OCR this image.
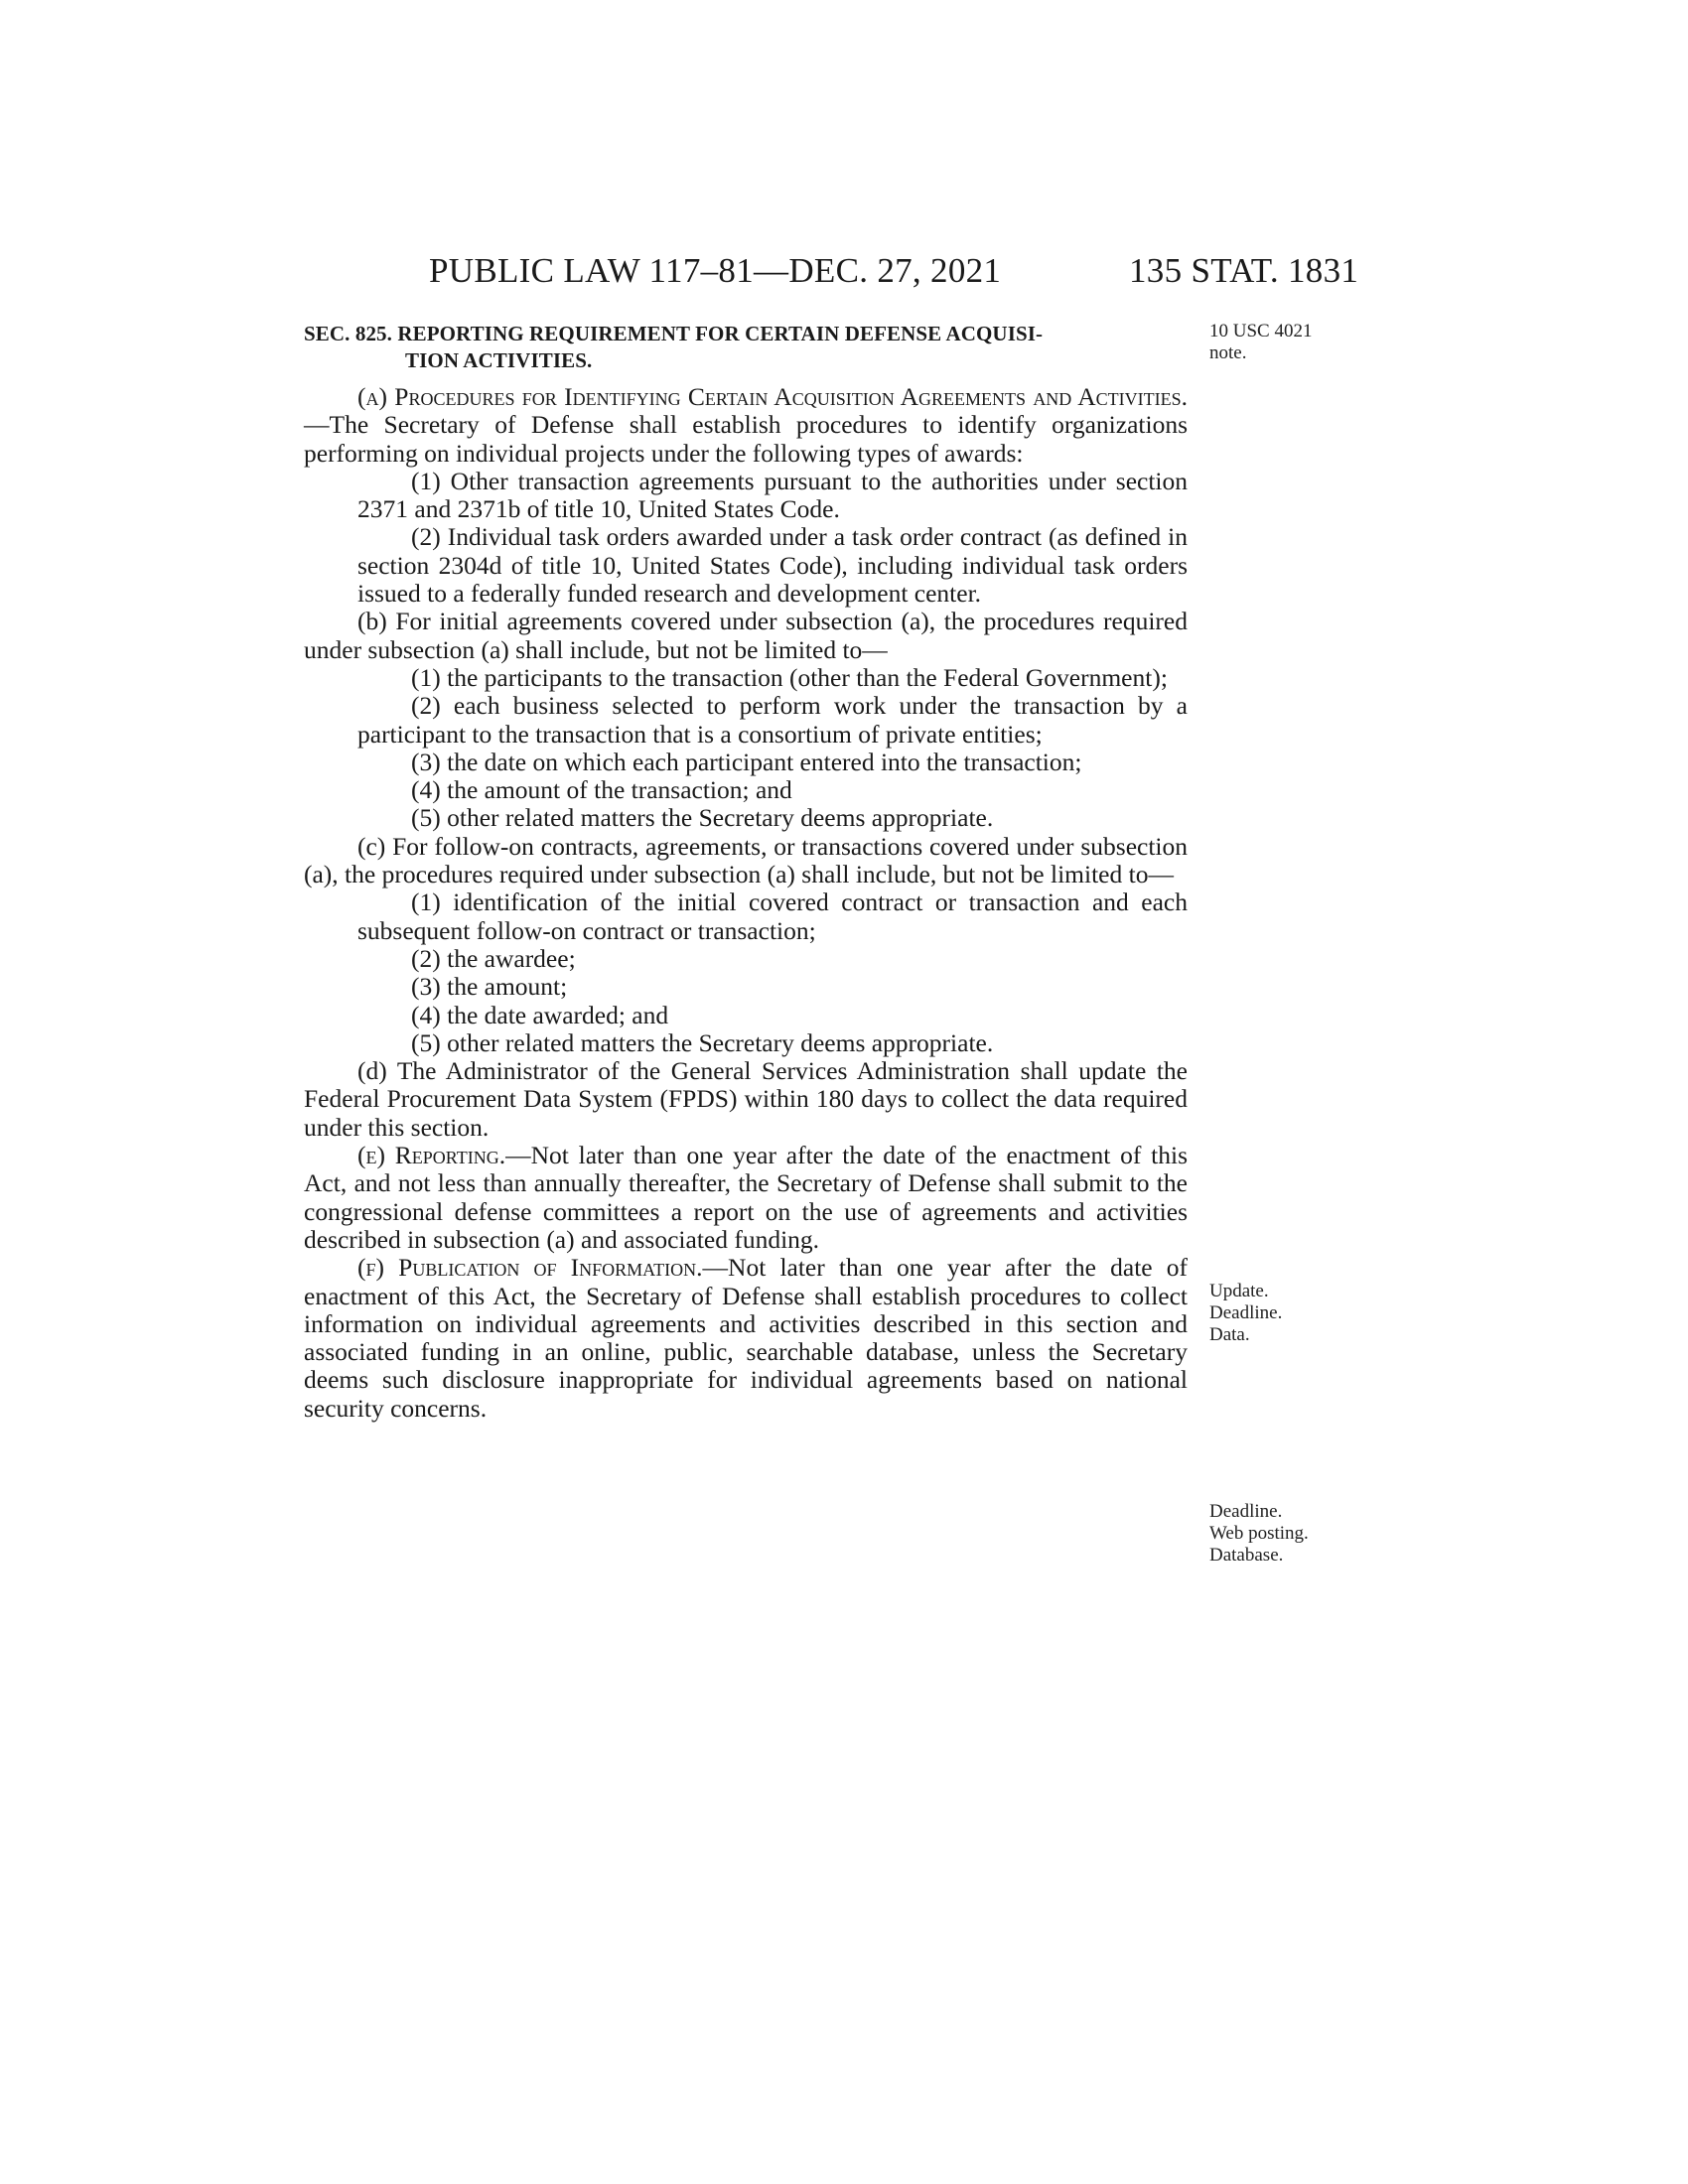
PUBLIC LAW 117–81—DEC. 27, 2021	135 STAT. 1831
SEC. 825. REPORTING REQUIREMENT FOR CERTAIN DEFENSE ACQUISI-
TION ACTIVITIES.
10 USC 4021
note.
Update.
Deadline.
Data.
Deadline.
Web posting.
Database.

(a) Procedures for Identifying Certain Acquisition Agreements and Activities.—The Secretary of Defense shall establish procedures to identify organizations performing on individual projects under the following types of awards:

(1) Other transaction agreements pursuant to the authorities under section 2371 and 2371b of title 10, United States Code.

(2) Individual task orders awarded under a task order contract (as defined in section 2304d of title 10, United States Code), including individual task orders issued to a federally funded research and development center.

(b) For initial agreements covered under subsection (a), the procedures required under subsection (a) shall include, but not be limited to—

(1) the participants to the transaction (other than the Federal Government);

(2) each business selected to perform work under the transaction by a participant to the transaction that is a consortium of private entities;

(3) the date on which each participant entered into the transaction;

(4) the amount of the transaction; and

(5) other related matters the Secretary deems appropriate.

(c) For follow-on contracts, agreements, or transactions covered under subsection (a), the procedures required under subsection (a) shall include, but not be limited to—

(1) identification of the initial covered contract or transaction and each subsequent follow-on contract or transaction;

(2) the awardee;

(3) the amount;

(4) the date awarded; and

(5) other related matters the Secretary deems appropriate.

(d) The Administrator of the General Services Administration shall update the Federal Procurement Data System (FPDS) within 180 days to collect the data required under this section.

(e) Reporting.—Not later than one year after the date of the enactment of this Act, and not less than annually thereafter, the Secretary of Defense shall submit to the congressional defense committees a report on the use of agreements and activities described in subsection (a) and associated funding.

(f) Publication of Information.—Not later than one year after the date of enactment of this Act, the Secretary of Defense shall establish procedures to collect information on individual agreements and activities described in this section and associated funding in an online, public, searchable database, unless the Secretary deems such disclosure inappropriate for individual agreements based on national security concerns.
